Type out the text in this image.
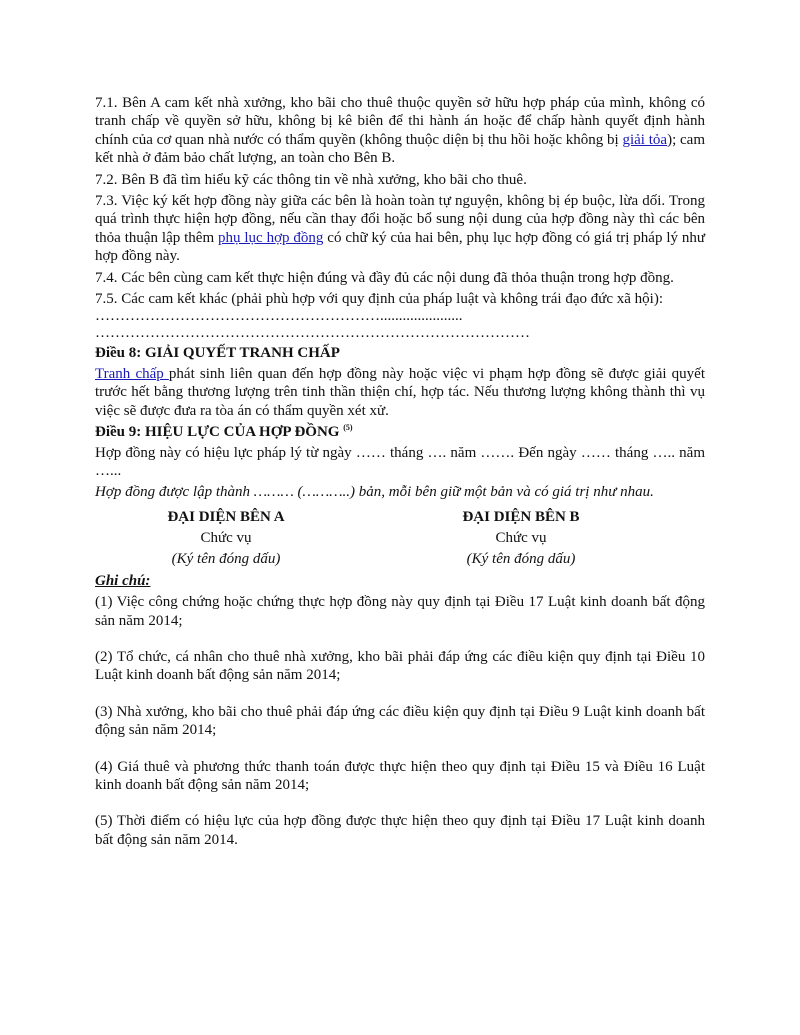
7.1. Bên A cam kết nhà xưởng, kho bãi cho thuê thuộc quyền sở hữu hợp pháp của mình, không có tranh chấp về quyền sở hữu, không bị kê biên để thi hành án hoặc để chấp hành quyết định hành chính của cơ quan nhà nước có thẩm quyền (không thuộc diện bị thu hồi hoặc không bị giải tỏa); cam kết nhà ở đảm bảo chất lượng, an toàn cho Bên B.

7.2. Bên B đã tìm hiểu kỹ các thông tin về nhà xưởng, kho bãi cho thuê.

7.3. Việc ký kết hợp đồng này giữa các bên là hoàn toàn tự nguyện, không bị ép buộc, lừa dối. Trong quá trình thực hiện hợp đồng, nếu cần thay đổi hoặc bổ sung nội dung của hợp đồng này thì các bên thỏa thuận lập thêm phụ lục hợp đồng có chữ ký của hai bên, phụ lục hợp đồng có giá trị pháp lý như hợp đồng này.

7.4. Các bên cùng cam kết thực hiện đúng và đầy đủ các nội dung đã thỏa thuận trong hợp đồng.

7.5. Các cam kết khác (phải phù hợp với quy định của pháp luật và không trái đạo đức xã hội):

…………………………………………………......................

……………………………………………………………………………

Điều 8: GIẢI QUYẾT TRANH CHẤP

Tranh chấp phát sinh liên quan đến hợp đồng này hoặc việc vi phạm hợp đồng sẽ được giải quyết trước hết bằng thương lượng trên tinh thần thiện chí, hợp tác. Nếu thương lượng không thành thì vụ việc sẽ được đưa ra tòa án có thẩm quyền xét xử.

Điều 9: HIỆU LỰC CỦA HỢP ĐỒNG $^{(5)}$

Hợp đồng này có hiệu lực pháp lý từ ngày …… tháng …. năm ……. Đến ngày …… tháng ….. năm …...

Hợp đồng được lập thành ……… (………..) bản, mỗi bên giữ một bản và có giá trị như nhau.

ĐẠI DIỆN BÊN A
Chức vụ
(Ký tên đóng dấu)
ĐẠI DIỆN BÊN B
Chức vụ
(Ký tên đóng dấu)
Ghi chú:

(1) Việc công chứng hoặc chứng thực hợp đồng này quy định tại Điều 17 Luật kinh doanh bất động sản năm 2014;

(2) Tổ chức, cá nhân cho thuê nhà xưởng, kho bãi phải đáp ứng các điều kiện quy định tại Điều 10 Luật kinh doanh bất động sản năm 2014;

(3) Nhà xưởng, kho bãi cho thuê phải đáp ứng các điều kiện quy định tại Điều 9 Luật kinh doanh bất động sản năm 2014;

(4) Giá thuê và phương thức thanh toán được thực hiện theo quy định tại Điều 15 và Điều 16 Luật kinh doanh bất động sản năm 2014;

(5) Thời điểm có hiệu lực của hợp đồng được thực hiện theo quy định tại Điều 17 Luật kinh doanh bất động sản năm 2014.
